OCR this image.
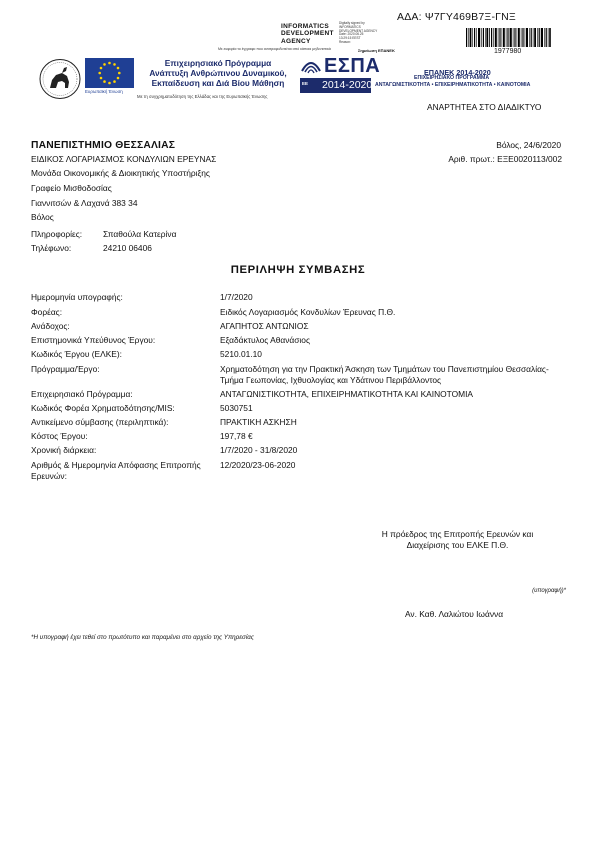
ΑΔΑ: Ψ7ΓΥ469Β7Ξ-ΓΝΞ
1977980
INFORMATICS
DEVELOPMENT
AGENCY
Digitally signed by
INFORMATICS
DEVELOPMENT AGENCY
Date: 2020.06.25
13:29:15 EEST
Reason:
Με ευφορία το έγγραφο που ανατροφοδοτείται από κάποια μηδενιστικά	Σημείωση ΕΠΑΝΕΚ
Ευρωπαϊκή Ένωση
Επιχειρησιακό Πρόγραμμα
Ανάπτυξη Ανθρώπινου Δυναμικού,
Εκπαίδευση και Διά Βίου Μάθηση
Με τη συγχρηματοδότηση της Ελλάδας και της Ευρωπαϊκής Ένωσης
ΕΣΠΑ
ΕΕ 2014-2020
ΕΠΑΝΕΚ 2014-2020
ΕΠΙΧΕΙΡΗΣΙΑΚΟ ΠΡΟΓΡΑΜΜΑ
ΑΝΤΑΓΩΝΙΣΤΙΚΟΤΗΤΑ • ΕΠΙΧΕΙΡΗΜΑΤΙΚΟΤΗΤΑ • ΚΑΙΝΟΤΟΜΙΑ
ΑΝΑΡΤΗΤΕΑ ΣΤΟ ΔΙΑΔΙΚΤΥΟ
ΠΑΝΕΠΙΣΤΗΜΙΟ ΘΕΣΣΑΛΙΑΣ
ΕΙΔΙΚΟΣ ΛΟΓΑΡΙΑΣΜΟΣ ΚΟΝΔΥΛΙΩΝ ΕΡΕΥΝΑΣ
Μονάδα Οικονομικής & Διοικητικής Υποστήριξης
Γραφείο Μισθοδοσίας
Γιαννιτσών & Λαχανά 383 34
Βόλος
Πληροφορίες: Σπαθούλα Κατερίνα
Τηλέφωνο:	24210 06406
Βόλος, 24/6/2020
Αριθ. πρωτ.: ΕΞΕ0020113/002
ΠΕΡΙΛΗΨΗ ΣΥΜΒΑΣΗΣ
Ημερομηνία υπογραφής:	1/7/2020
Φορέας:	Ειδικός Λογαριασμός Κονδυλίων Έρευνας Π.Θ.
Ανάδοχος:	ΑΓΑΠΗΤΟΣ ΑΝΤΩΝΙΟΣ
Επιστημονικά Υπεύθυνος Έργου:	Εξαδάκτυλος Αθανάσιος
Κωδικός Έργου (ΕΛΚΕ):	5210.01.10
Πρόγραμμα/Έργο:	Χρηματοδότηση για την Πρακτική Άσκηση των Τμημάτων του Πανεπιστημίου Θεσσαλίας- Τμήμα Γεωπονίας, Ιχθυολογίας και Υδάτινου Περιβάλλοντος
Επιχειρησιακό Πρόγραμμα:	ΑΝΤΑΓΩΝΙΣΤΙΚΟΤΗΤΑ, ΕΠΙΧΕΙΡΗΜΑΤΙΚΟΤΗΤΑ ΚΑΙ ΚΑΙΝΟΤΟΜΙΑ
Κωδικός Φορέα Χρηματοδότησης/MIS:	5030751
Αντικείμενο σύμβασης (περιληπτικά):	ΠΡΑΚΤΙΚΗ ΑΣΚΗΣΗ
Κόστος Έργου:	197,78 €
Χρονική διάρκεια:	1/7/2020 - 31/8/2020
Αριθμός & Ημερομηνία Απόφασης Επιτροπής Ερευνών:
12/2020/23-06-2020
Η πρόεδρος της Επιτροπής Ερευνών και
Διαχείρισης του ΕΛΚΕ Π.Θ.
(υπογραφή)*
Αν. Καθ. Λαλιώτου Ιωάννα
*Η υπογραφή έχει τεθεί στο πρωτότυπο και παραμένει στο αρχείο της Υπηρεσίας
